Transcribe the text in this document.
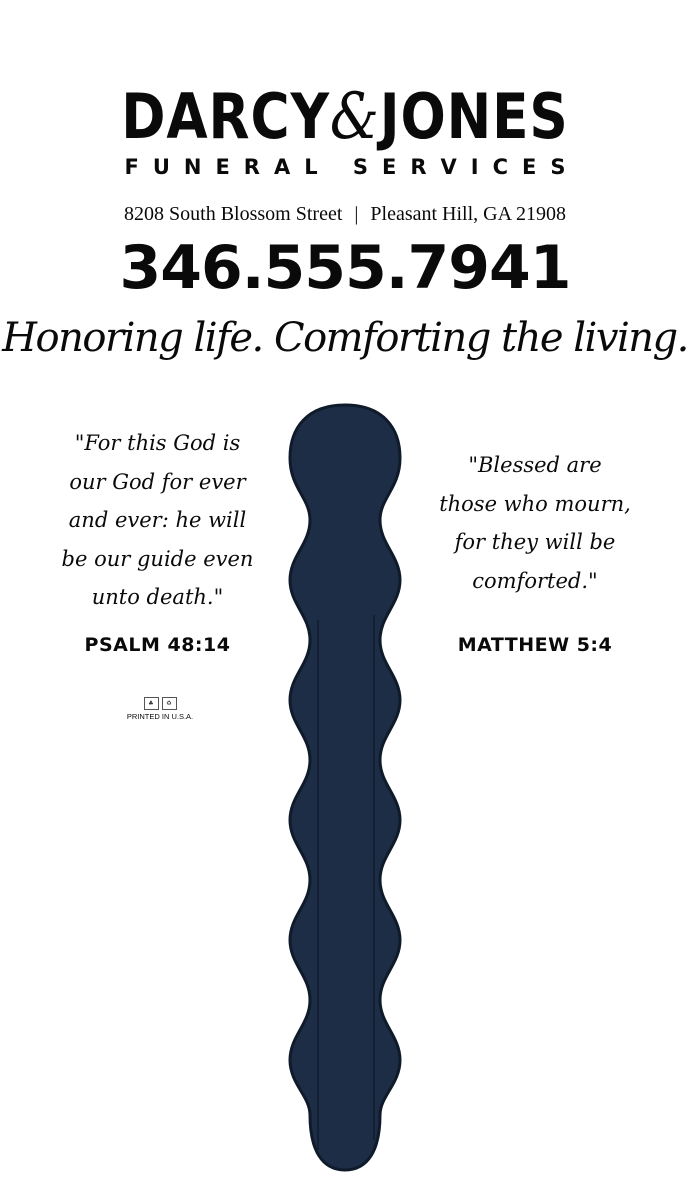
DARCY&JONES
FUNERAL SERVICES
8208 South Blossom Street | Pleasant Hill, GA 21908
346.555.7941
Honoring life. Comforting the living.
"For this God is
our God for ever
and ever: he will
be our guide even
unto death."
PSALM 48:14
"Blessed are
those who mourn,
for they will be
comforted."
MATTHEW 5:4
♣	♻
PRINTED IN U.S.A.
